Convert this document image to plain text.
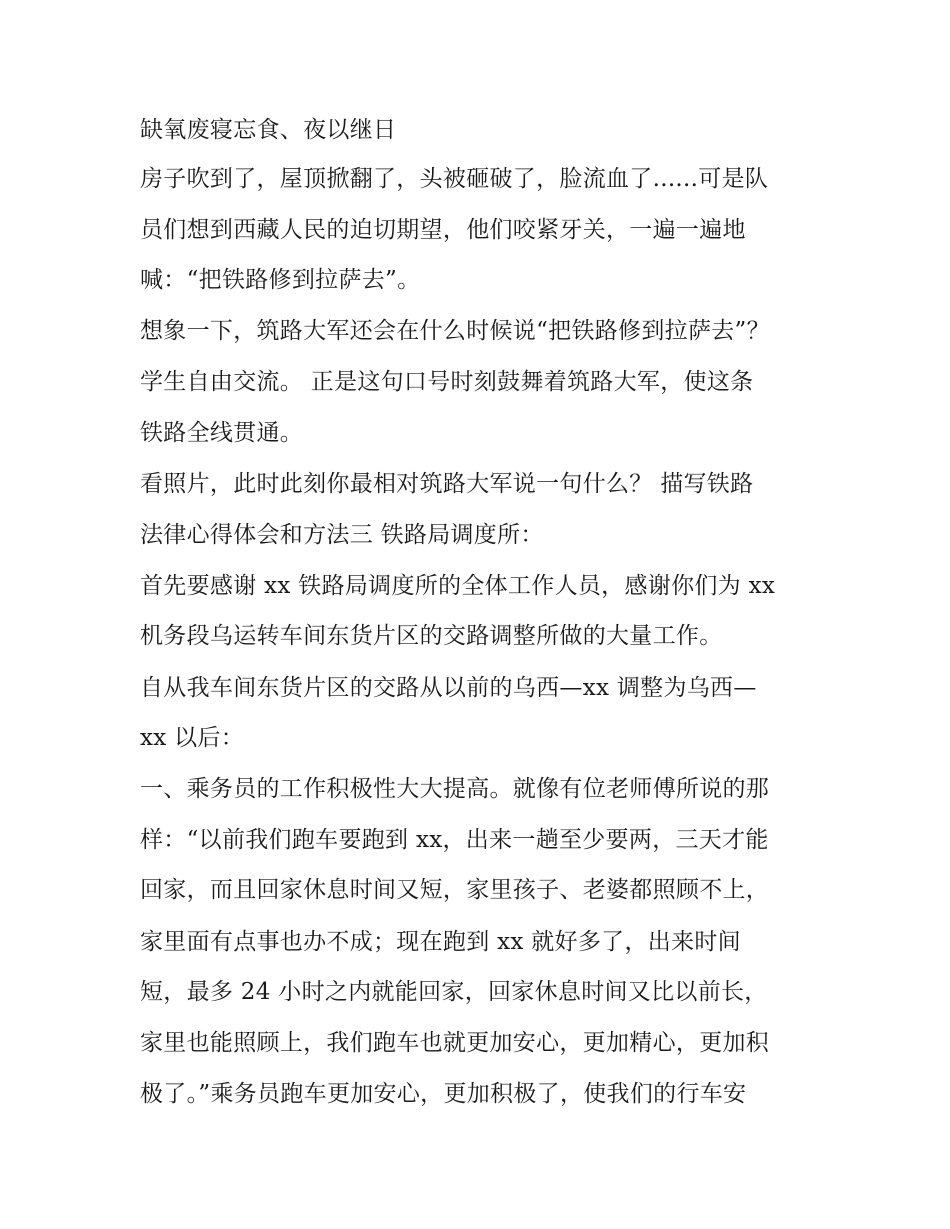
缺氧废寝忘食、夜以继日
房子吹到了，屋顶掀翻了，头被砸破了，脸流血了......可是队
员们想到西藏人民的迫切期望，他们咬紧牙关，一遍一遍地
喊：“把铁路修到拉萨去”。
想象一下，筑路大军还会在什么时候说“把铁路修到拉萨去”？
学生自由交流。 正是这句口号时刻鼓舞着筑路大军，使这条
铁路全线贯通。
看照片，此时此刻你最相对筑路大军说一句什么？ 描写铁路
法律心得体会和方法三 铁路局调度所：
首先要感谢 xx 铁路局调度所的全体工作人员，感谢你们为 xx
机务段乌运转车间东货片区的交路调整所做的大量工作。
自从我车间东货片区的交路从以前的乌西—xx 调整为乌西—
xx 以后：
一、乘务员的工作积极性大大提高。就像有位老师傅所说的那
样：“以前我们跑车要跑到 xx，出来一趟至少要两，三天才能
回家，而且回家休息时间又短，家里孩子、老婆都照顾不上，
家里面有点事也办不成；现在跑到 xx 就好多了，出来时间
短，最多 24 小时之内就能回家，回家休息时间又比以前长，
家里也能照顾上，我们跑车也就更加安心，更加精心，更加积
极了。”乘务员跑车更加安心，更加积极了，使我们的行车安
